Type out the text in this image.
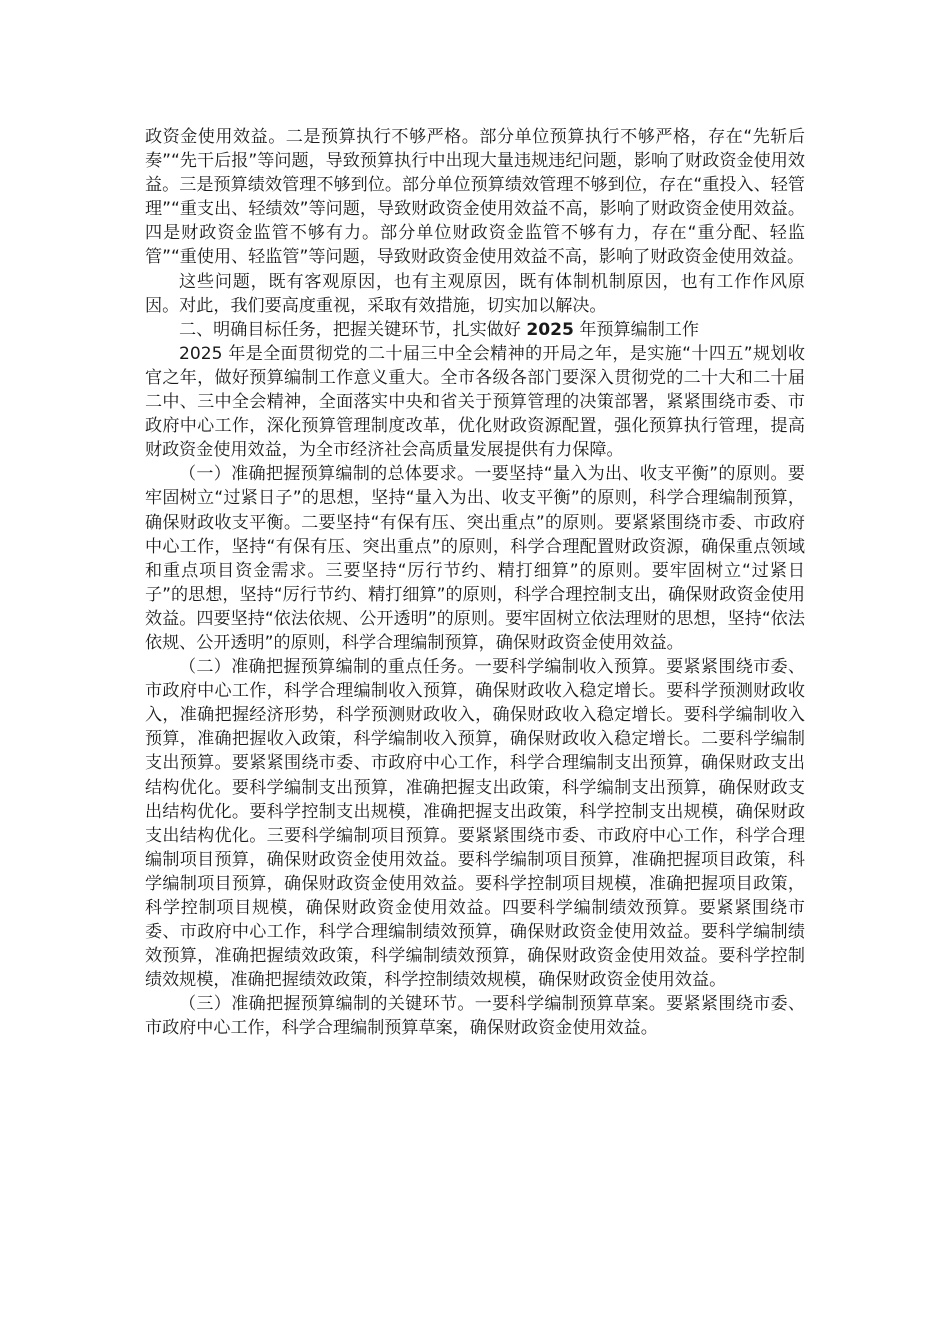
政资金使用效益。二是预算执行不够严格。部分单位预算执行不够严格，存在“先斩后奏”“先干后报”等问题，导致预算执行中出现大量违规违纪问题，影响了财政资金使用效益。三是预算绩效管理不够到位。部分单位预算绩效管理不够到位，存在“重投入、轻管理”“重支出、轻绩效”等问题，导致财政资金使用效益不高，影响了财政资金使用效益。四是财政资金监管不够有力。部分单位财政资金监管不够有力，存在“重分配、轻监管”“重使用、轻监管”等问题，导致财政资金使用效益不高，影响了财政资金使用效益。

这些问题，既有客观原因，也有主观原因，既有体制机制原因，也有工作作风原因。对此，我们要高度重视，采取有效措施，切实加以解决。

二、明确目标任务，把握关键环节，扎实做好 2025 年预算编制工作

2025 年是全面贯彻党的二十届三中全会精神的开局之年，是实施“十四五”规划收官之年，做好预算编制工作意义重大。全市各级各部门要深入贯彻党的二十大和二十届二中、三中全会精神，全面落实中央和省关于预算管理的决策部署，紧紧围绕市委、市政府中心工作，深化预算管理制度改革，优化财政资源配置，强化预算执行管理，提高财政资金使用效益，为全市经济社会高质量发展提供有力保障。

（一）准确把握预算编制的总体要求。一要坚持“量入为出、收支平衡”的原则。要牢固树立“过紧日子”的思想，坚持“量入为出、收支平衡”的原则，科学合理编制预算，确保财政收支平衡。二要坚持“有保有压、突出重点”的原则。要紧紧围绕市委、市政府中心工作，坚持“有保有压、突出重点”的原则，科学合理配置财政资源，确保重点领域和重点项目资金需求。三要坚持“厉行节约、精打细算”的原则。要牢固树立“过紧日子”的思想，坚持“厉行节约、精打细算”的原则，科学合理控制支出，确保财政资金使用效益。四要坚持“依法依规、公开透明”的原则。要牢固树立依法理财的思想，坚持“依法依规、公开透明”的原则，科学合理编制预算，确保财政资金使用效益。

（二）准确把握预算编制的重点任务。一要科学编制收入预算。要紧紧围绕市委、市政府中心工作，科学合理编制收入预算，确保财政收入稳定增长。要科学预测财政收入，准确把握经济形势，科学预测财政收入，确保财政收入稳定增长。要科学编制收入预算，准确把握收入政策，科学编制收入预算，确保财政收入稳定增长。二要科学编制支出预算。要紧紧围绕市委、市政府中心工作，科学合理编制支出预算，确保财政支出结构优化。要科学编制支出预算，准确把握支出政策，科学编制支出预算，确保财政支出结构优化。要科学控制支出规模，准确把握支出政策，科学控制支出规模，确保财政支出结构优化。三要科学编制项目预算。要紧紧围绕市委、市政府中心工作，科学合理编制项目预算，确保财政资金使用效益。要科学编制项目预算，准确把握项目政策，科学编制项目预算，确保财政资金使用效益。要科学控制项目规模，准确把握项目政策，科学控制项目规模，确保财政资金使用效益。四要科学编制绩效预算。要紧紧围绕市委、市政府中心工作，科学合理编制绩效预算，确保财政资金使用效益。要科学编制绩效预算，准确把握绩效政策，科学编制绩效预算，确保财政资金使用效益。要科学控制绩效规模，准确把握绩效政策，科学控制绩效规模，确保财政资金使用效益。

（三）准确把握预算编制的关键环节。一要科学编制预算草案。要紧紧围绕市委、市政府中心工作，科学合理编制预算草案，确保财政资金使用效益。
